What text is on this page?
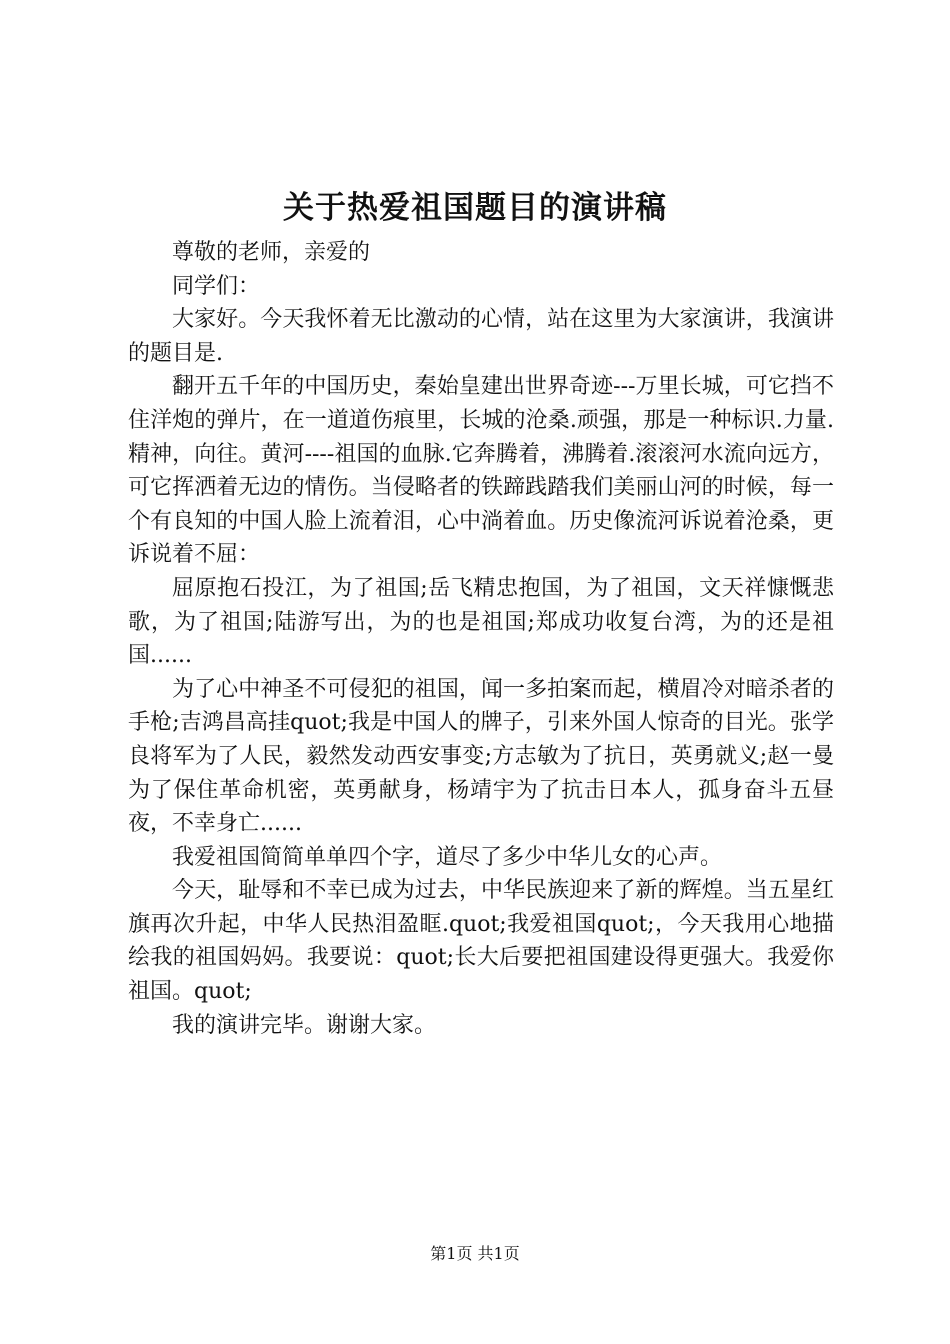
关于热爱祖国题目的演讲稿

尊敬的老师，亲爱的

同学们：

大家好。今天我怀着无比激动的心情，站在这里为大家演讲，我演讲的题目是.

翻开五千年的中国历史，秦始皇建出世界奇迹---万里长城，可它挡不住洋炮的弹片，在一道道伤痕里，长城的沧桑.顽强，那是一种标识.力量.精神，向往。黄河----祖国的血脉.它奔腾着，沸腾着.滚滚河水流向远方，可它挥洒着无边的情伤。当侵略者的铁蹄践踏我们美丽山河的时候，每一个有良知的中国人脸上流着泪，心中淌着血。历史像流河诉说着沧桑，更诉说着不屈：

屈原抱石投江，为了祖国;岳飞精忠抱国，为了祖国，文天祥慷慨悲歌，为了祖国;陆游写出，为的也是祖国;郑成功收复台湾，为的还是祖国......

为了心中神圣不可侵犯的祖国，闻一多拍案而起，横眉冷对暗杀者的手枪;吉鸿昌高挂quot;我是中国人的牌子，引来外国人惊奇的目光。张学良将军为了人民，毅然发动西安事变;方志敏为了抗日，英勇就义;赵一曼为了保住革命机密，英勇献身，杨靖宇为了抗击日本人，孤身奋斗五昼夜，不幸身亡......

我爱祖国简简单单四个字，道尽了多少中华儿女的心声。

今天，耻辱和不幸已成为过去，中华民族迎来了新的辉煌。当五星红旗再次升起，中华人民热泪盈眶.quot;我爱祖国quot;，今天我用心地描绘我的祖国妈妈。我要说：quot;长大后要把祖国建设得更强大。我爱你祖国。quot;

我的演讲完毕。谢谢大家。

第1页 共1页
